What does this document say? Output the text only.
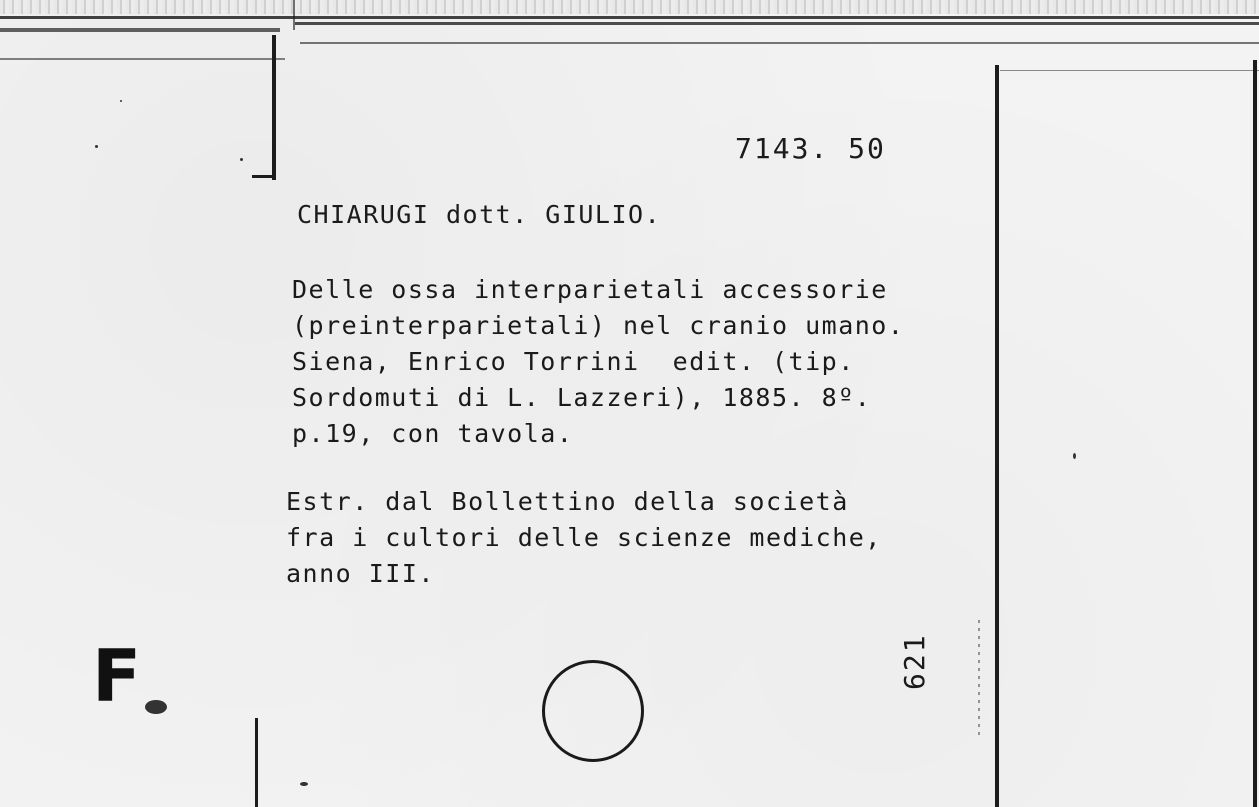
7143. 50
CHIARUGI dott. GIULIO.
Delle ossa interparietali accessorie
(preinterparietali) nel cranio umano.
Siena, Enrico Torrini  edit. (tip.
Sordomuti di L. Lazzeri), 1885. 8º.
p.19, con tavola.
Estr. dal Bollettino della società
fra i cultori delle scienze mediche,
anno III.
621
F
